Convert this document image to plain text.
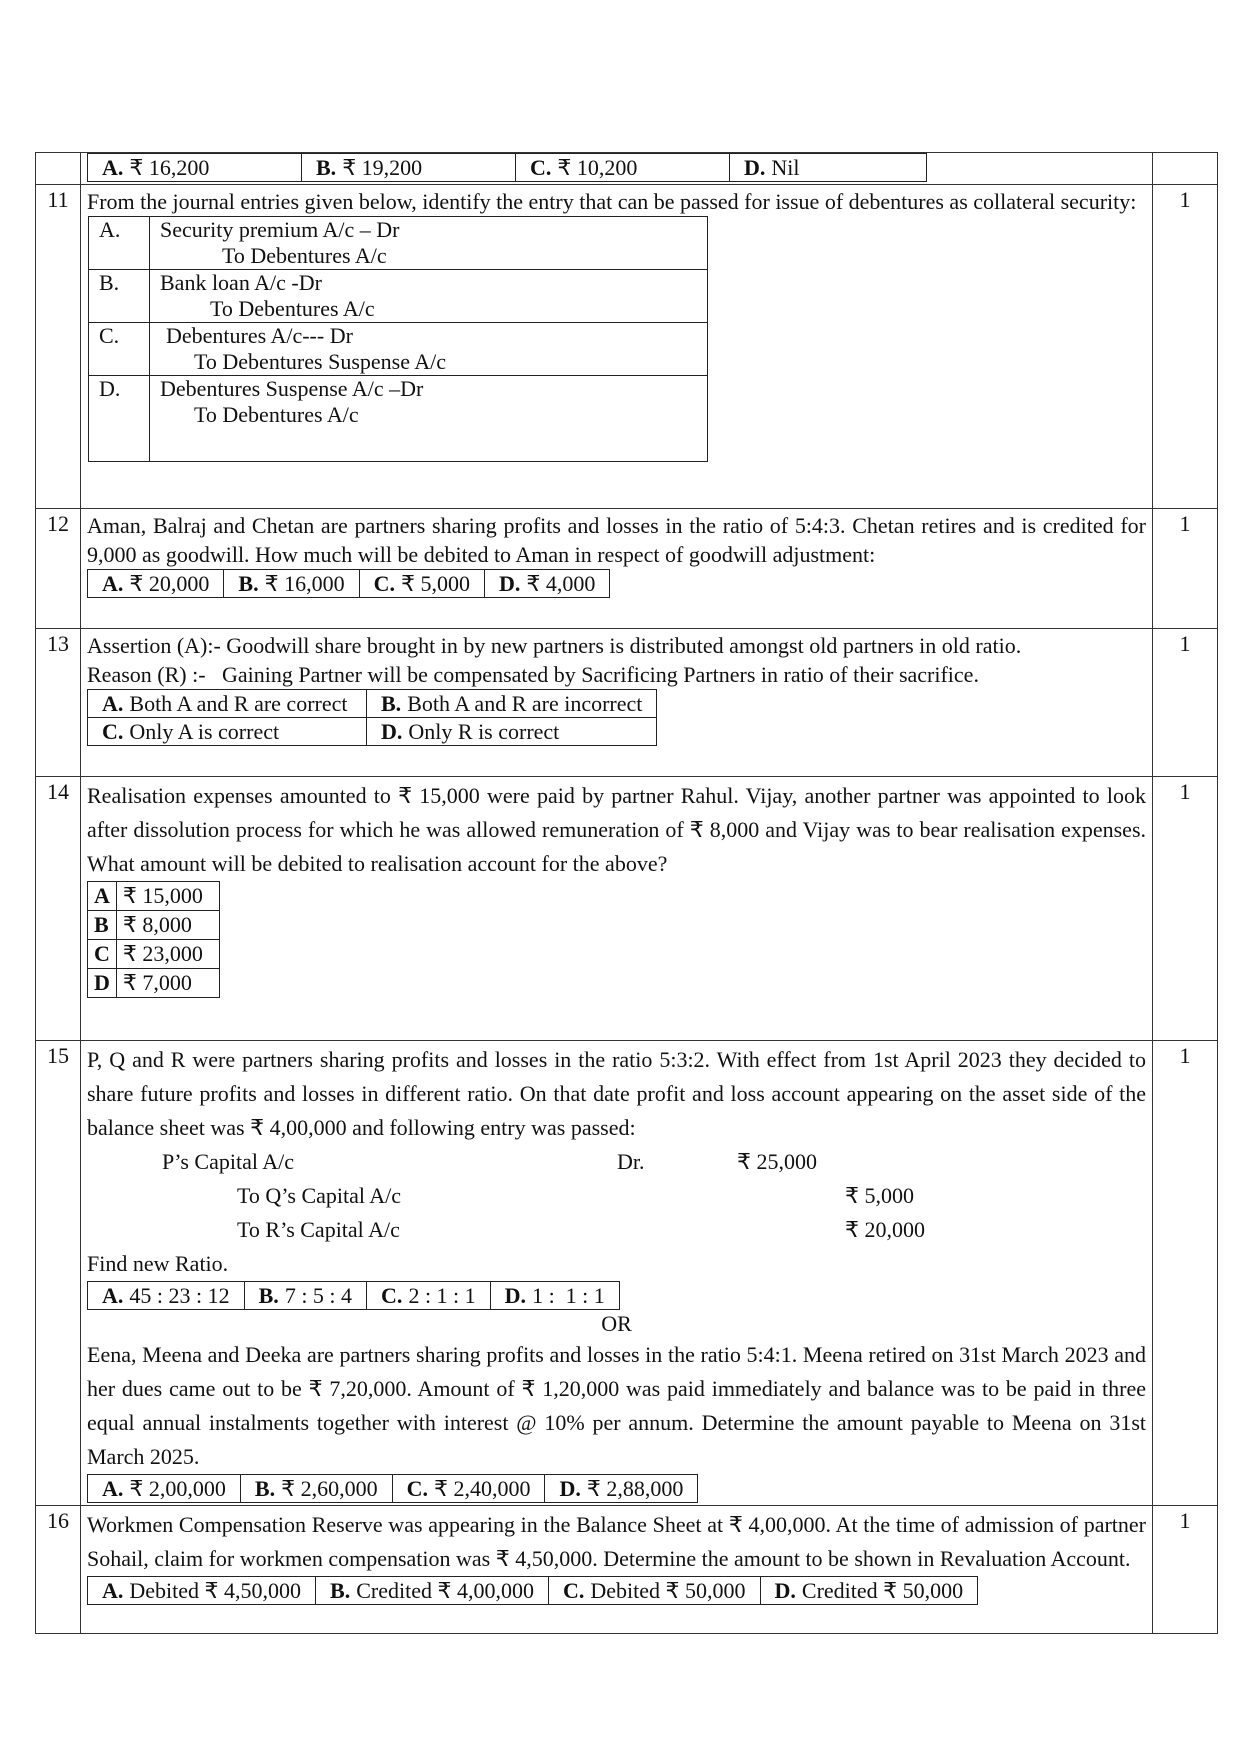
A. ₹ 16,200	B. ₹ 19,200	C. ₹ 10,200	D. Nil

11	From the journal entries given below, identify the entry that can be passed for issue of debentures as collateral security:
A.	Security premium A/c – Dr
To Debentures A/c

B.	Bank loan A/c -Dr
To Debentures A/c

C.	Debentures A/c--- Dr
To Debentures Suspense A/c

D.	Debentures Suspense A/c –Dr
To Debentures A/c
	1
12	Aman, Balraj and Chetan are partners sharing profits and losses in the ratio of 5:4:3. Chetan retires and is credited for 9,000 as goodwill. How much will be debited to Aman in respect of goodwill adjustment:
A. ₹ 20,000	B. ₹ 16,000	C. ₹ 5,000	D. ₹ 4,000
	1
13	Assertion (A):- Goodwill share brought in by new partners is distributed amongst old partners in old ratio.
Reason (R) :-   Gaining Partner will be compensated by Sacrificing Partners in ratio of their sacrifice.
A. Both A and R are correct	B. Both A and R are incorrect
C. Only A is correct	D. Only R is correct
	1
14	Realisation expenses amounted to ₹ 15,000 were paid by partner Rahul. Vijay, another partner was appointed to look after dissolution process for which he was allowed remuneration of ₹ 8,000 and Vijay was to bear realisation expenses. What amount will be debited to realisation account for the above?
A	₹ 15,000
B	₹ 8,000
C	₹ 23,000
D	₹ 7,000
	1
15	P, Q and R were partners sharing profits and losses in the ratio 5:3:2. With effect from 1st April 2023 they decided to share future profits and losses in different ratio. On that date profit and loss account appearing on the asset side of the balance sheet was ₹ 4,00,000 and following entry was passed:
P’s Capital A/c	Dr.	₹ 25,000
To Q’s Capital A/c	₹ 5,000
To R’s Capital A/c	₹ 20,000
Find new Ratio.
A. 45 : 23 : 12	B. 7 : 5 : 4	C. 2 : 1 : 1	D. 1 :  1 : 1
OR
Eena, Meena and Deeka are partners sharing profits and losses in the ratio 5:4:1. Meena retired on 31st March 2023 and her dues came out to be ₹ 7,20,000. Amount of ₹ 1,20,000 was paid immediately and balance was to be paid in three equal annual instalments together with interest @ 10% per annum. Determine the amount payable to Meena on 31st March 2025.
A. ₹ 2,00,000	B. ₹ 2,60,000	C. ₹ 2,40,000	D. ₹ 2,88,000
	1
16	Workmen Compensation Reserve was appearing in the Balance Sheet at ₹ 4,00,000. At the time of admission of partner Sohail, claim for workmen compensation was ₹ 4,50,000. Determine the amount to be shown in Revaluation Account.
A. Debited ₹ 4,50,000	B. Credited ₹ 4,00,000	C. Debited ₹ 50,000	D. Credited ₹ 50,000
	1
